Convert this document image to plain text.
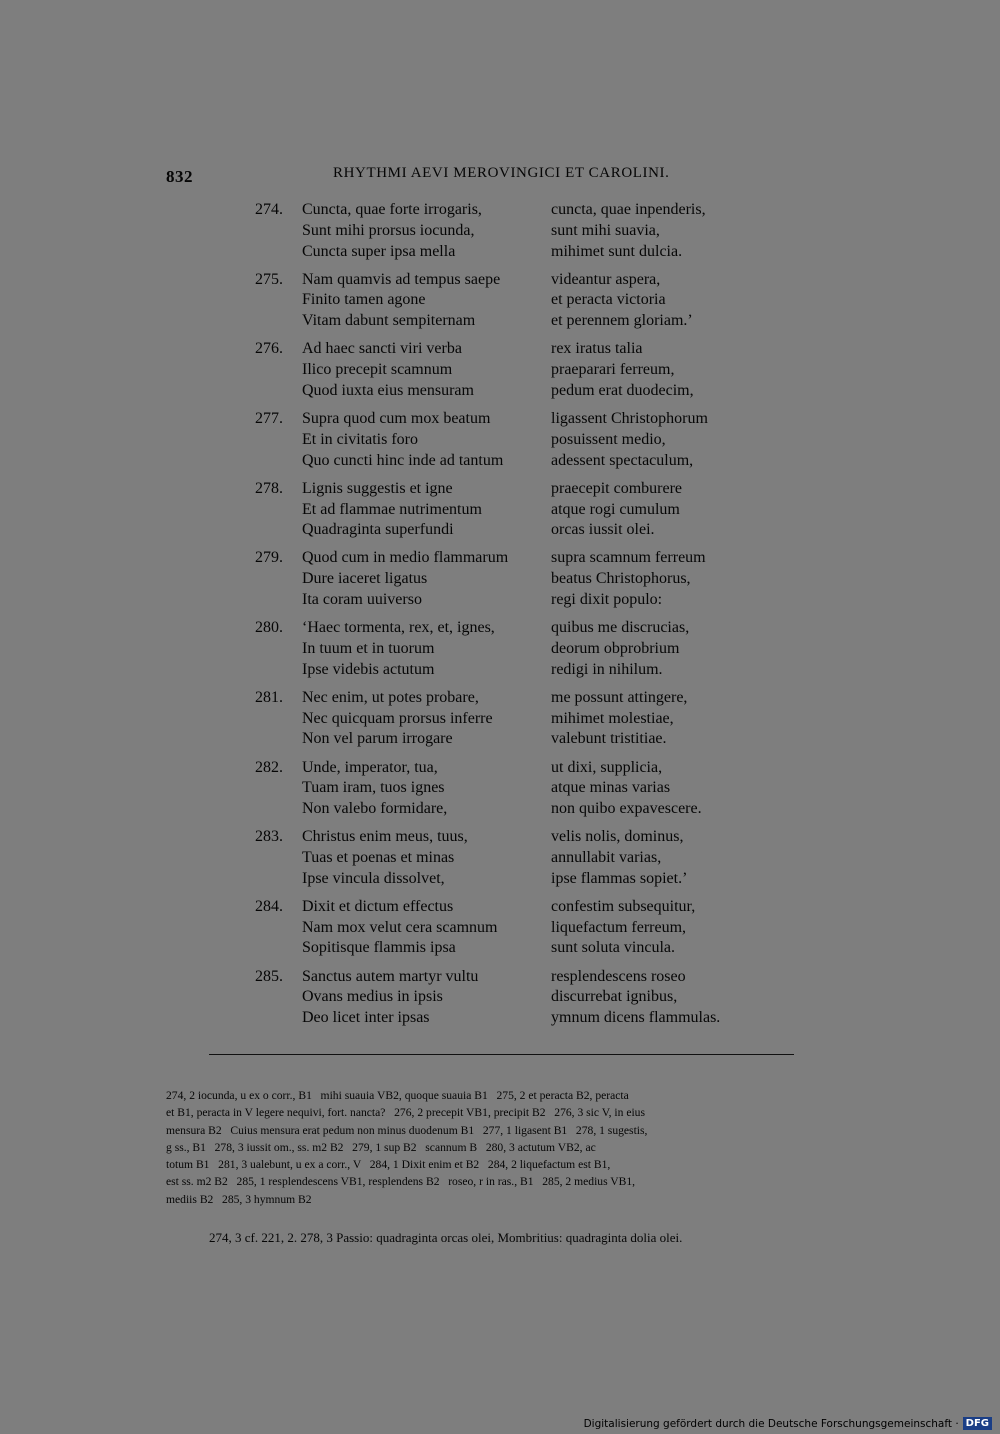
832	RHYTHMI AEVI MEROVINGICI ET CAROLINI.
274. Cuncta, quae forte irrogaris,	cuncta, quae inpenderis,
Sunt mihi prorsus iocunda,	sunt mihi suavia,
Cuncta super ipsa mella	mihimet sunt dulcia.
275. Nam quamvis ad tempus saepe	videantur aspera,
Finito tamen agone	et peracta victoria
Vitam dabunt sempiternam	et perennem gloriam.’
276. Ad haec sancti viri verba	rex iratus talia
Ilico precepit scamnum	praeparari ferreum,
Quod iuxta eius mensuram	pedum erat duodecim,
277. Supra quod cum mox beatum	ligassent Christophorum
Et in civitatis foro	posuissent medio,
Quo cuncti hinc inde ad tantum	adessent spectaculum,
278. Lignis suggestis et igne	praecepit comburere
Et ad flammae nutrimentum	atque rogi cumulum
Quadraginta superfundi	orcas iussit olei.
279. Quod cum in medio flammarum	supra scamnum ferreum
Dure iaceret ligatus	beatus Christophorus,
Ita coram uuiverso	regi dixit populo:
280. ‘Haec tormenta, rex, et, ignes,	quibus me discrucias,
In tuum et in tuorum	deorum obprobrium
Ipse videbis actutum	redigi in nihilum.
281. Nec enim, ut potes probare,	me possunt attingere,
Nec quicquam prorsus inferre	mihimet molestiae,
Non vel parum irrogare	valebunt tristitiae.
282. Unde, imperator, tua,	ut dixi, supplicia,
Tuam iram, tuos ignes	atque minas varias
Non valebo formidare,	non quibo expavescere.
283. Christus enim meus, tuus,	velis nolis, dominus,
Tuas et poenas et minas	annullabit varias,
Ipse vincula dissolvet,	ipse flammas sopiet.’
284. Dixit et dictum effectus	confestim subsequitur,
Nam mox velut cera scamnum	liquefactum ferreum,
Sopitisque flammis ipsa	sunt soluta vincula.
285. Sanctus autem martyr vultu	resplendescens roseo
Ovans medius in ipsis	discurrebat ignibus,
Deo licet inter ipsas	ymnum dicens flammulas.
274, 2 iocunda, u ex o corr., B1   mihi suauia VB2, quoque suauia B1   275, 2 et peracta B2, peracta
et B1, peracta in V legere nequivi, fort. nancta?   276, 2 precepit VB1, precipit B2   276, 3 sic V, in eius
mensura B2   Cuius mensura erat pedum non minus duodenum B1   277, 1 ligasent B1   278, 1 sugestis,
g ss., B1   278, 3 iussit om., ss. m2 B2   279, 1 sup B2   scannum B   280, 3 actutum VB2, ac
totum B1   281, 3 ualebunt, u ex a corr., V   284, 1 Dixit enim et B2   284, 2 liquefactum est B1,
est ss. m2 B2   285, 1 resplendescens VB1, resplendens B2   roseo, r in ras., B1   285, 2 medius VB1,
mediis B2   285, 3 hymnum B2
274, 3 cf. 221, 2. 278, 3 Passio: quadraginta orcas olei, Mombritius: quadraginta dolia olei.
Digitalisierung gefördert durch die Deutsche Forschungsgemeinschaft · DFG
